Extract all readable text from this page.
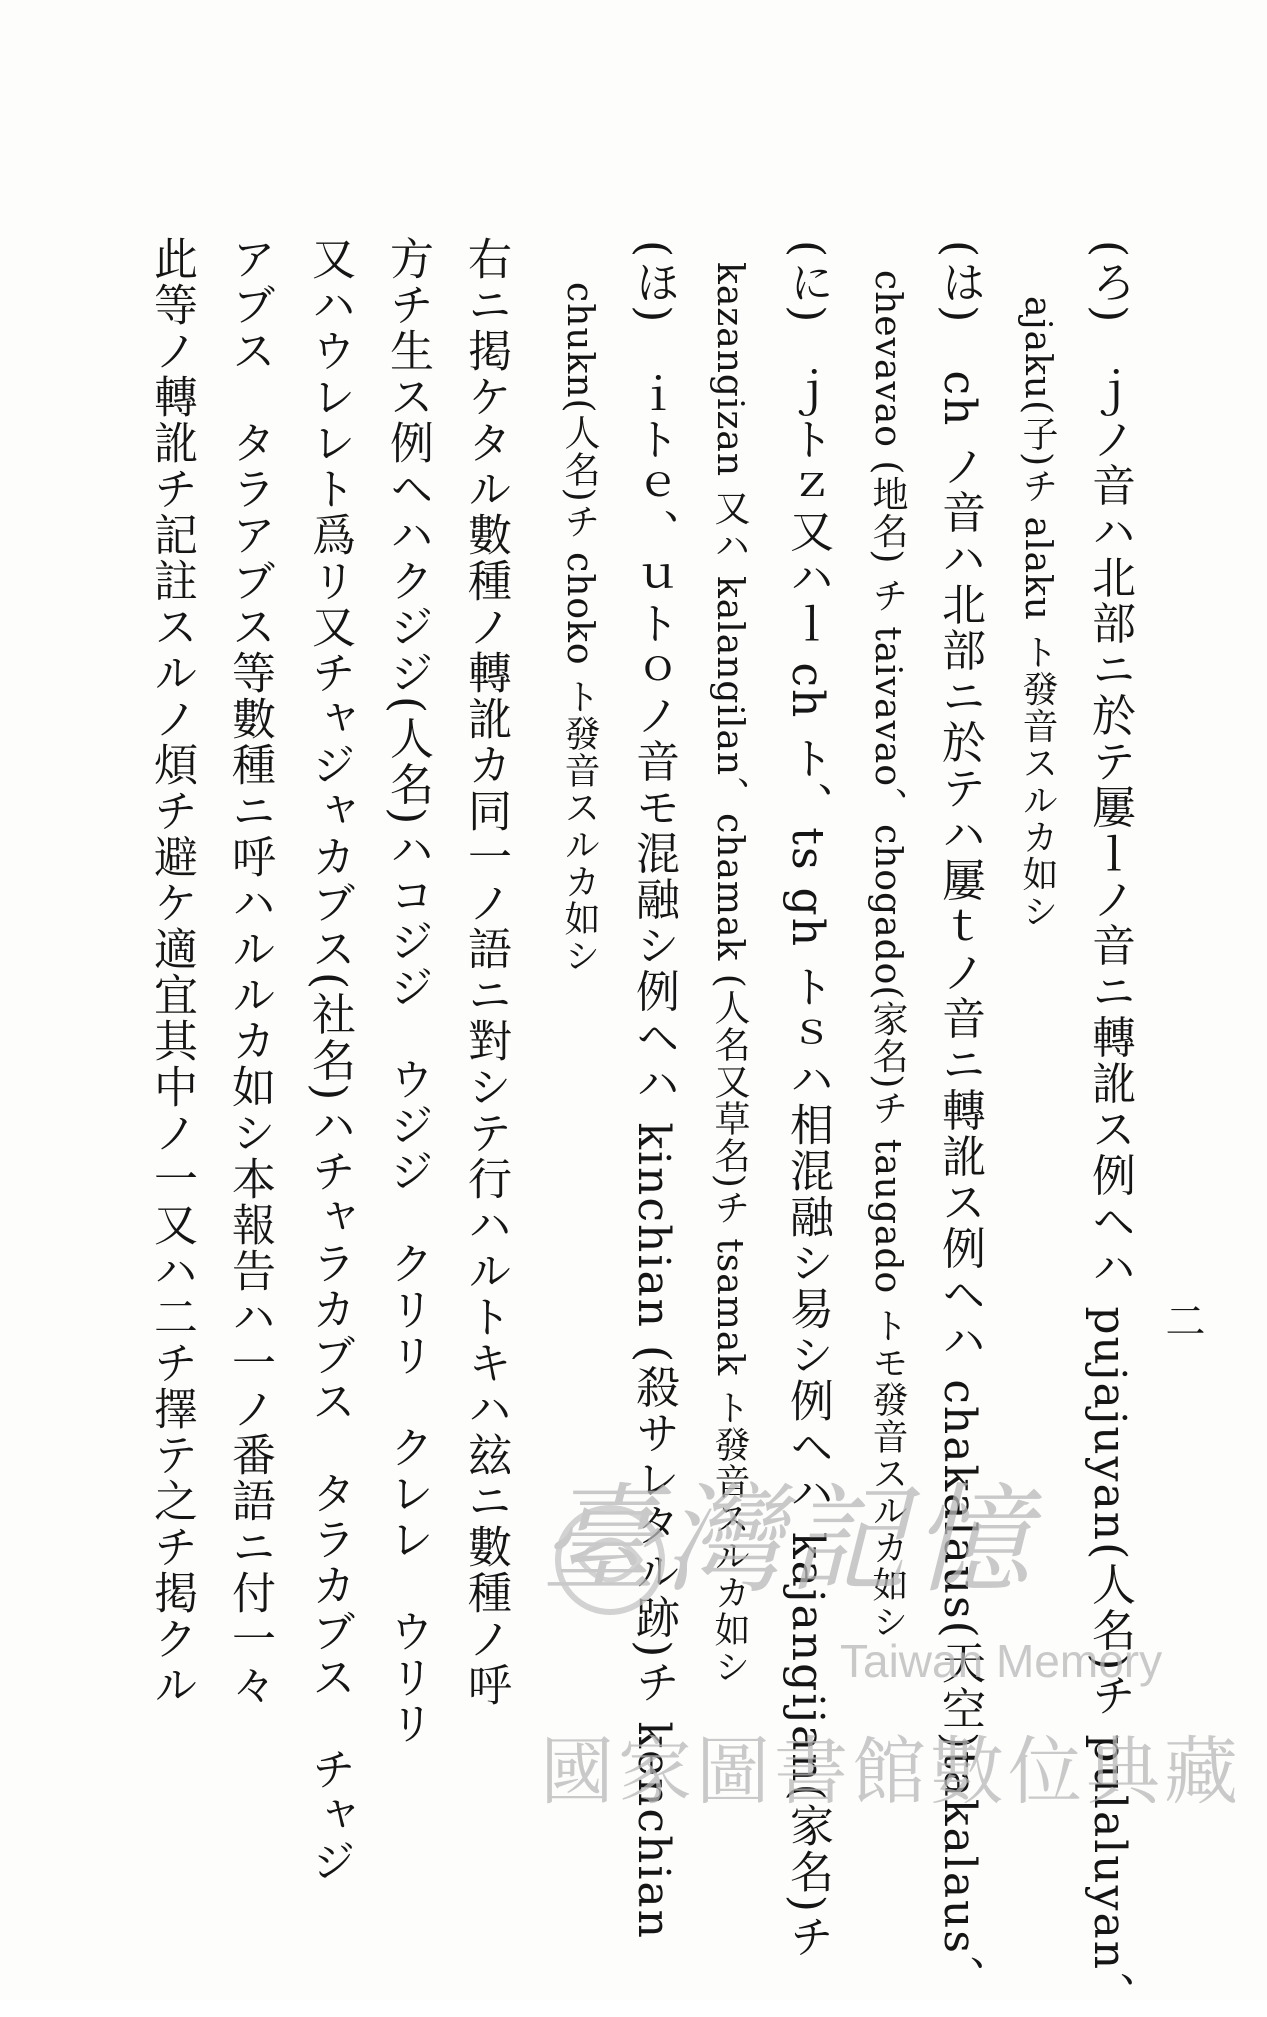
二
(ろ)　ｊノ音ハ北部ニ於テ屢ｌノ音ニ轉訛ス例ヘハ pujajuyan(人名)チ pulaluyan、
ajaku(子)チ alaku ト發音スルカ如シ
(は)　ch ノ音ハ北部ニ於テハ屢ｔノ音ニ轉訛ス例ヘハ chakalaus(天空)takalaus、
chevavao (地名) チ taivavao、chogado(家名)チ taugado トモ發音スルカ如シ
(に)　ｊトｚ又ハｌ ch ト、ts gh トｓハ相混融シ易シ例ヘハ kajangijan(家名)チ
kazangizan 又ハ kalangilan、chamak (人名又草名)チ tsamak ト發音スルカ如シ
(ほ)　ｉトｅ、ｕトｏノ音モ混融シ例ヘハ kinchian (殺サレタル跡)チ kenchian
chukn(人名)チ choko ト發音スルカ如シ
右ニ掲ケタル數種ノ轉訛カ同一ノ語ニ對シテ行ハルトキハ玆ニ數種ノ呼
方チ生ス例ヘハクジジ(人名)ハコジジ　ウジジ　クリリ　クレレ　ウリリ
又ハウレレト爲リ又チャジャカブス(社名)ハチャラカブス　タラカブス　チャジ
アブス　タラアブス等數種ニ呼ハルルカ如シ本報告ハ一ノ番語ニ付一々
此等ノ轉訛チ記註スルノ煩チ避ケ適宜其中ノ一又ハ二チ擇テ之チ掲クル	臺灣記憶
Taiwan Memory
國家圖書館數位典藏
